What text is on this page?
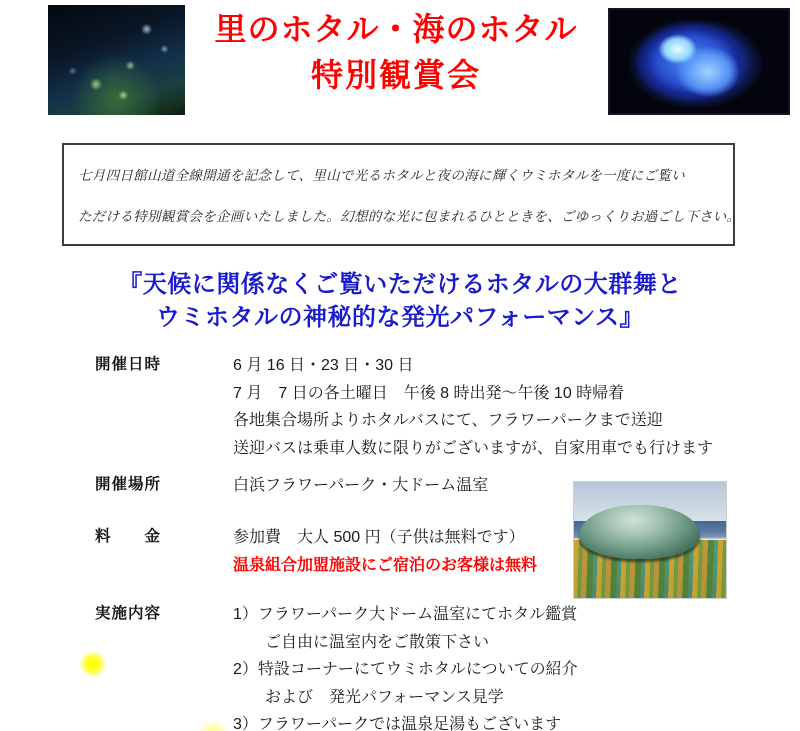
里のホタル・海のホタル
特別観賞会

七月四日館山道全線開通を記念して、里山で光るホタルと夜の海に輝くウミホタルを一度にご覧い

ただける特別観賞会を企画いたしました。幻想的な光に包まれるひとときを、ごゆっくりお過ごし下さい。

『天候に関係なくご覧いただけるホタルの大群舞と
ウミホタルの神秘的な発光パフォーマンス』
開催日時	6 月 16 日・23 日・30 日
7 月　7 日の各土曜日　午後 8 時出発～午後 10 時帰着
各地集合場所よりホタルバスにて、フラワーパークまで送迎
送迎バスは乗車人数に限りがございますが、自家用車でも行けます
開催場所	白浜フラワーパーク・大ドーム温室
料　　金	参加費　大人 500 円（子供は無料です）
温泉組合加盟施設にご宿泊のお客様は無料
実施内容	1）フラワーパーク大ドーム温室にてホタル鑑賞
　　ご自由に温室内をご散策下さい
2）特設コーナーにてウミホタルについての紹介
　　および　発光パフォーマンス見学
3）フラワーパークでは温泉足湯もございます
